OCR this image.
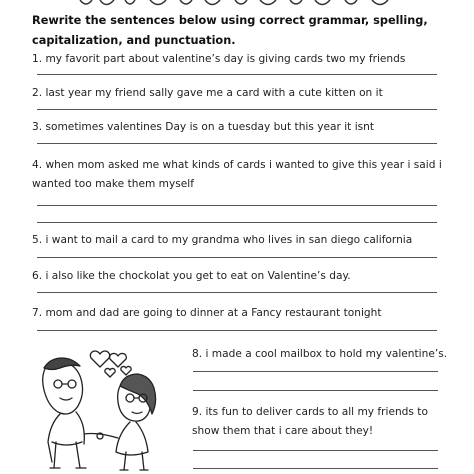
Rewrite the sentences below using correct grammar, spelling, capitalization, and punctuation.
1. my favorit part about valentine’s day is giving cards two my friends
2. last year my friend sally gave me a card with a cute kitten on it
3. sometimes valentines Day is on a tuesday but this year it isnt
4. when mom asked me what kinds of cards i wanted to give this year i said i wanted too make them myself
5. i want to mail a card to my grandma who lives in san diego california
6. i also like the chockolat you get to eat on Valentine’s day.
7. mom and dad are going to dinner at a Fancy restaurant tonight
8. i made a cool mailbox to hold my valentine’s.
9. its fun to deliver cards to all my friends to show them that i care about they!
